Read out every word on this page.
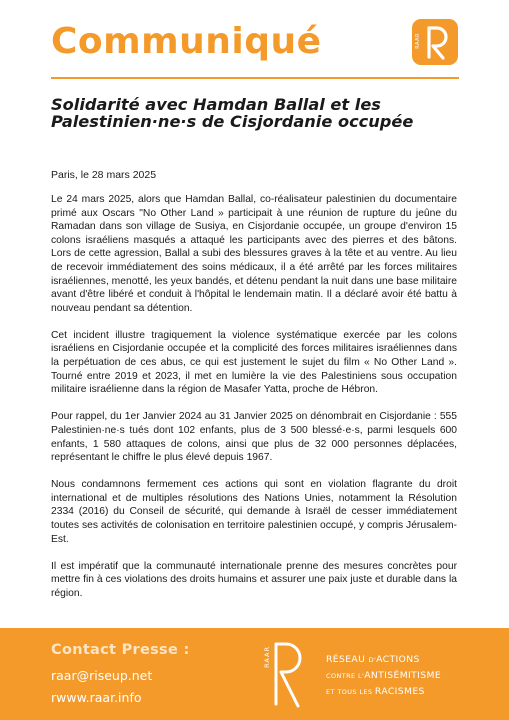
Communiqué	RAAR
Solidarité avec Hamdan Ballal et les Palestinien·ne·s de Cisjordanie occupée

Paris, le 28 mars 2025

Le 24 mars 2025, alors que Hamdan Ballal, co-réalisateur palestinien du documentaire primé aux Oscars "No Other Land » participait à une réunion de rupture du jeûne du Ramadan dans son village de Susiya, en Cisjordanie occupée, un groupe d'environ 15 colons israéliens masqués a attaqué les participants avec des pierres et des bâtons. Lors de cette agression, Ballal a subi des blessures graves à la tête et au ventre. Au lieu de recevoir immédiatement des soins médicaux, il a été arrêté par les forces militaires israéliennes, menotté, les yeux bandés, et détenu pendant la nuit dans une base militaire avant d'être libéré et conduit à l'hôpital le lendemain matin. Il a déclaré avoir été battu à nouveau pendant sa détention.

Cet incident illustre tragiquement la violence systématique exercée par les colons israéliens en Cisjordanie occupée et la complicité des forces militaires israéliennes dans la perpétuation de ces abus, ce qui est justement le sujet du film « No Other Land ». Tourné entre 2019 et 2023, il met en lumière la vie des Palestiniens sous occupation militaire israélienne dans la région de Masafer Yatta, proche de Hébron.

Pour rappel, du 1er Janvier 2024 au 31 Janvier 2025 on dénombrait en Cisjordanie : 555 Palestinien·ne·s tués dont 102 enfants, plus de 3 500 blessé·e·s, parmi lesquels 600 enfants, 1 580 attaques de colons, ainsi que plus de 32 000 personnes déplacées, représentant le chiffre le plus élevé depuis 1967.

Nous condamnons fermement ces actions qui sont en violation flagrante du droit international et de multiples résolutions des Nations Unies, notamment la Résolution 2334 (2016) du Conseil de sécurité, qui demande à Israël de cesser immédiatement toutes ses activités de colonisation en territoire palestinien occupé, y compris Jérusalem-Est.

Il est impératif que la communauté internationale prenne des mesures concrètes pour mettre fin à ces violations des droits humains et assurer une paix juste et durable dans la région.

Contact Presse :

raar@riseup.net
rwww.raar.info
RAAR	RÉSEAU D'ACTIONS
CONTRE L'ANTISÉMITISME
ET TOUS LES RACISMES
